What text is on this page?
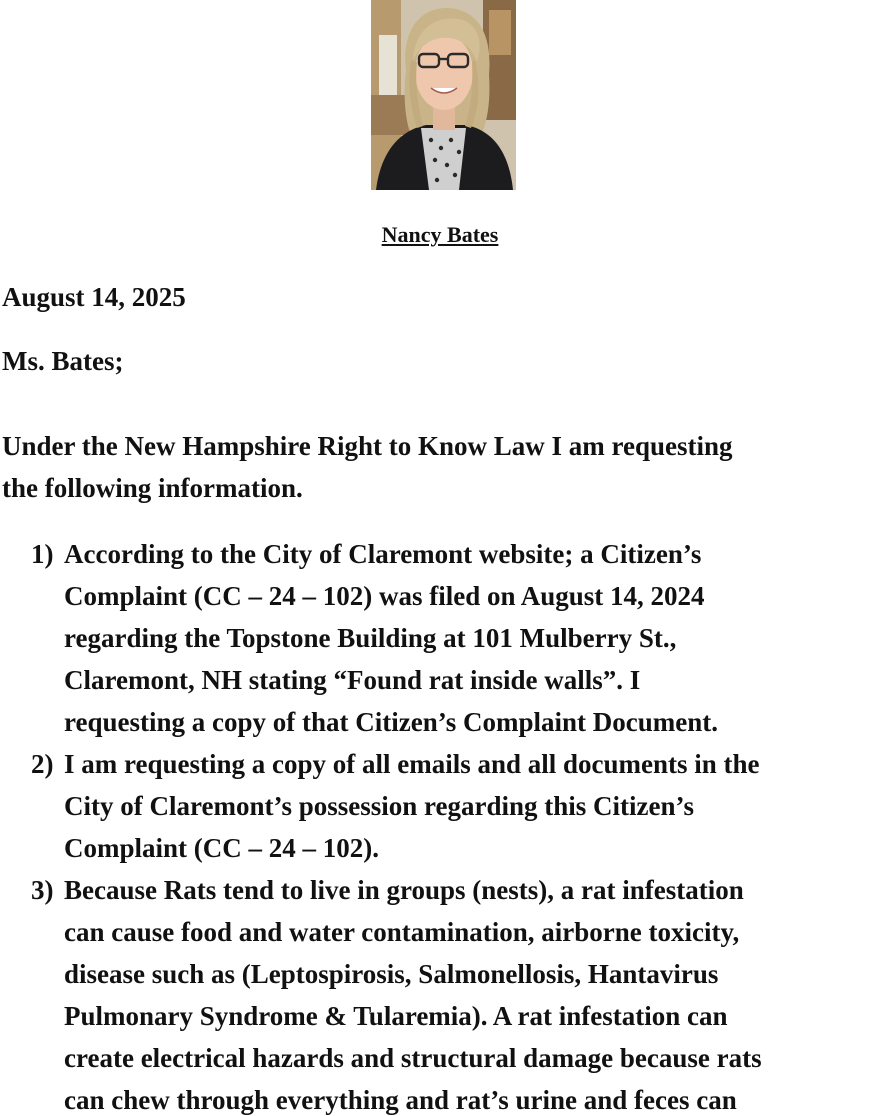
Nancy Bates
August 14, 2025
Ms. Bates;
Under the New Hampshire Right to Know Law I am requesting
the following information.
1) According to the City of Claremont website; a Citizen’s
Complaint (CC – 24 – 102) was filed on August 14, 2024
regarding the Topstone Building at 101 Mulberry St.,
Claremont, NH stating “Found rat inside walls”. I
requesting a copy of that Citizen’s Complaint Document.
2) I am requesting a copy of all emails and all documents in the
City of Claremont’s possession regarding this Citizen’s
Complaint (CC – 24 – 102).
3) Because Rats tend to live in groups (nests), a rat infestation
can cause food and water contamination, airborne toxicity,
disease such as (Leptospirosis, Salmonellosis, Hantavirus
Pulmonary Syndrome & Tularemia). A rat infestation can
create electrical hazards and structural damage because rats
can chew through everything and rat’s urine and feces can
